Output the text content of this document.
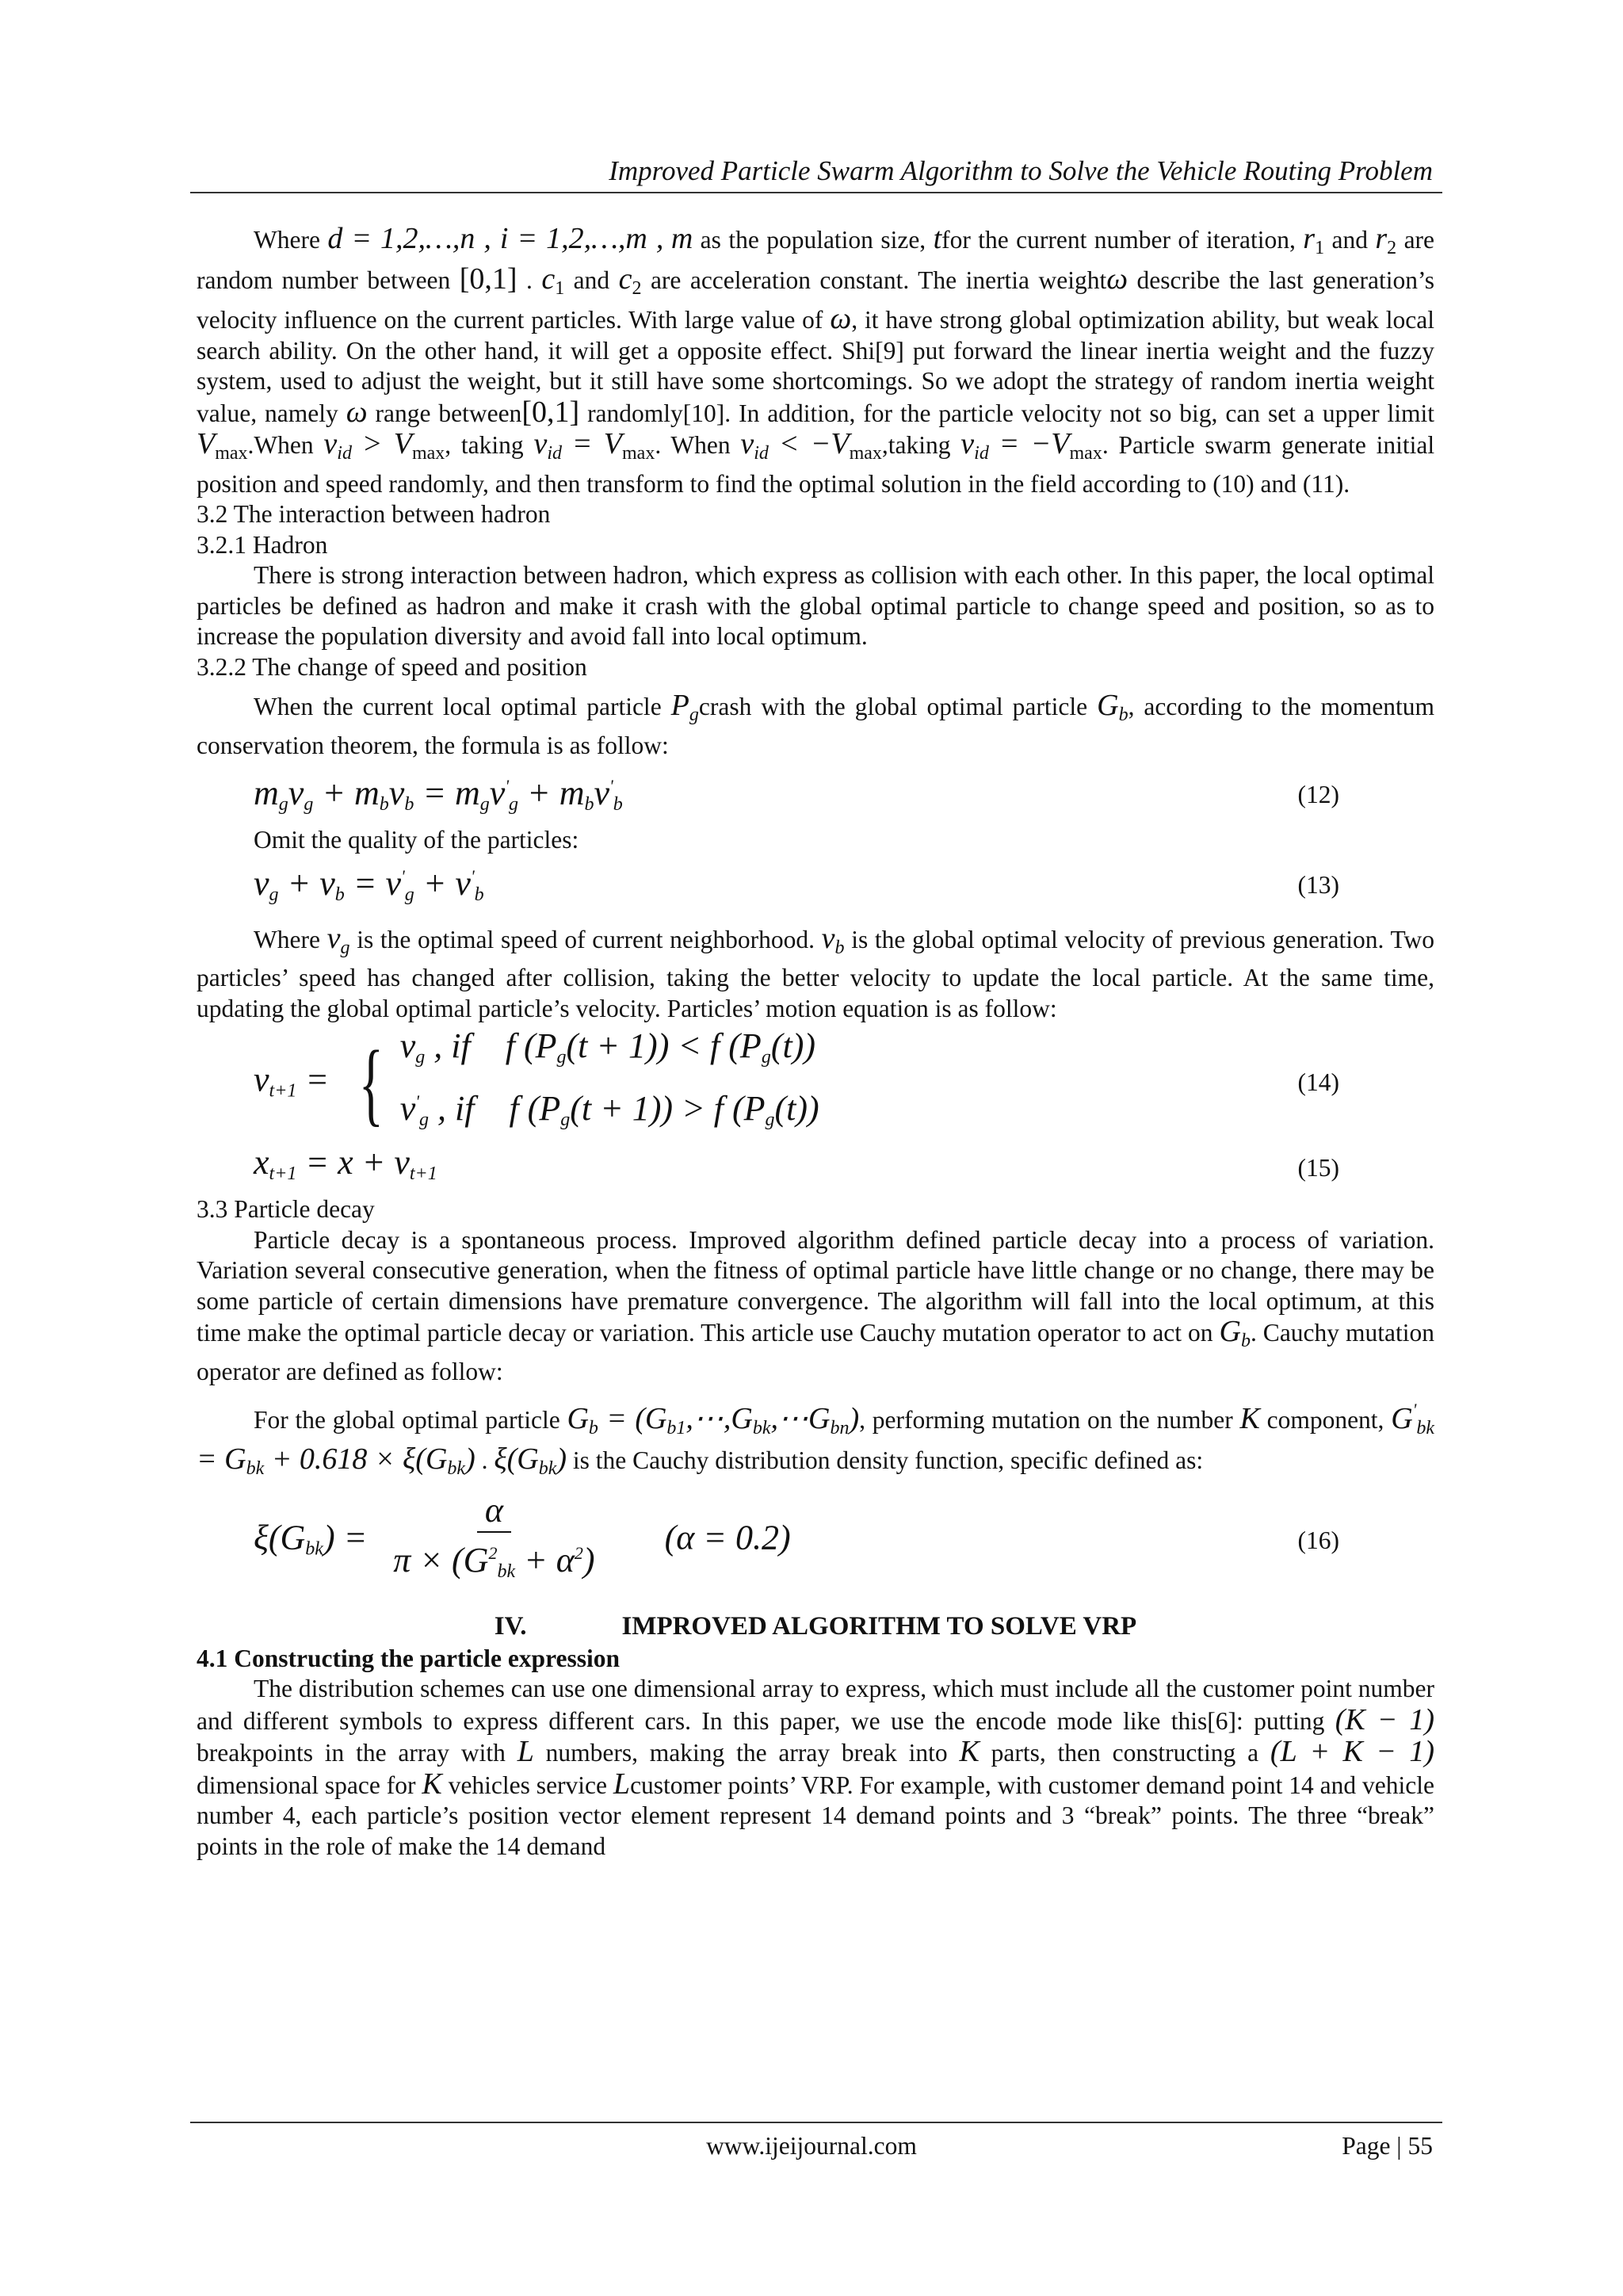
Improved Particle Swarm Algorithm to Solve the Vehicle Routing Problem

Where d = 1,2,…,n , i = 1,2,…,m , m as the population size, tfor the current number of iteration, $r_1$ and $r_2$ are random number between [0,1] . $c_1$ and $c_2$ are acceleration constant. The inertia weightω describe the last generation’s velocity influence on the current particles. With large value of ω, it have strong global optimization ability, but weak local search ability. On the other hand, it will get a opposite effect. Shi[9] put forward the linear inertia weight and the fuzzy system, used to adjust the weight, but it still have some shortcomings. So we adopt the strategy of random inertia weight value, namely ω range between[0,1] randomly[10]. In addition, for the particle velocity not so big, can set a upper limit $V_{max}.When$ $v_{id} > V_{max}$, taking $v_{id} = V_{max}$. When $v_{id}$ < $-V_{max},taking$ $v_{id} = -V_{max}$. Particle swarm generate initial position and speed randomly, and then transform to find the optimal solution in the field according to (10) and (11).

3.2 The interaction between hadron

3.2.1 Hadron

There is strong interaction between hadron, which express as collision with each other. In this paper, the local optimal particles be defined as hadron and make it crash with the global optimal particle to change speed and position, so as to increase the population diversity and avoid fall into local optimum.

3.2.2 The change of speed and position

When the current local optimal particle $P_gcrash$ with the global optimal particle $G_b$, according to the momentum conservation theorem, the formula is as follow:

$m_gv_g + m_bv_b = m_gv'_g + m_bv'_b$	(12)

Omit the quality of the particles:

$v_g + v_b = v'_g + v'_b$	(13)

Where $v_g$ is the optimal speed of current neighborhood. $v_b$ is the global optimal velocity of previous generation. Two particles’ speed has changed after collision, taking the better velocity to update the local particle. At the same time, updating the global optimal particle’s velocity. Particles’ motion equation is as follow:

vt+1 = { $v_g$ , if    f $(P_g(t + 1)) < f$ $(P_g(t))$
$v'_g$ , if    f $(P_g(t + 1)) > f$ $(P_g(t))$
(14)
xt+1 = x + vt+1	(15)

3.3 Particle decay

Particle decay is a spontaneous process. Improved algorithm defined particle decay into a process of variation. Variation several consecutive generation, when the fitness of optimal particle have little change or no change, there may be some particle of certain dimensions have premature convergence. The algorithm will fall into the local optimum, at this time make the optimal particle decay or variation. This article use Cauchy mutation operator to act on $G_b$. Cauchy mutation operator are defined as follow:

For the global optimal particle $G_b$ = $(G_{b1},\cdots,G_{bk},\cdots G_{bn})$, performing mutation on the number K component, $G'_{bk} = G_{bk} + 0.618 \times \xi(G_{bk})$ . $\xi(G_{bk})$ is the Cauchy distribution density function, specific defined as:

$\xi(G_{bk}) = \frac{\alpha}{\pi \times (G^2_{bk} + \alpha^2)} (\alpha = 0.2)$	(16)

IV.	IMPROVED ALGORITHM TO SOLVE VRP

4.1 Constructing the particle expression

The distribution schemes can use one dimensional array to express, which must include all the customer point number and different symbols to express different cars. In this paper, we use the encode mode like this[6]: putting (K − 1) breakpoints in the array with L numbers, making the array break into K parts, then constructing a (L + K − 1) dimensional space for K vehicles service Lcustomer points’ VRP. For example, with customer demand point 14 and vehicle number 4, each particle’s position vector element represent 14 demand points and 3 “break” points. The three “break” points in the role of make the 14 demand

www.ijeijournal.com	Page | 55
